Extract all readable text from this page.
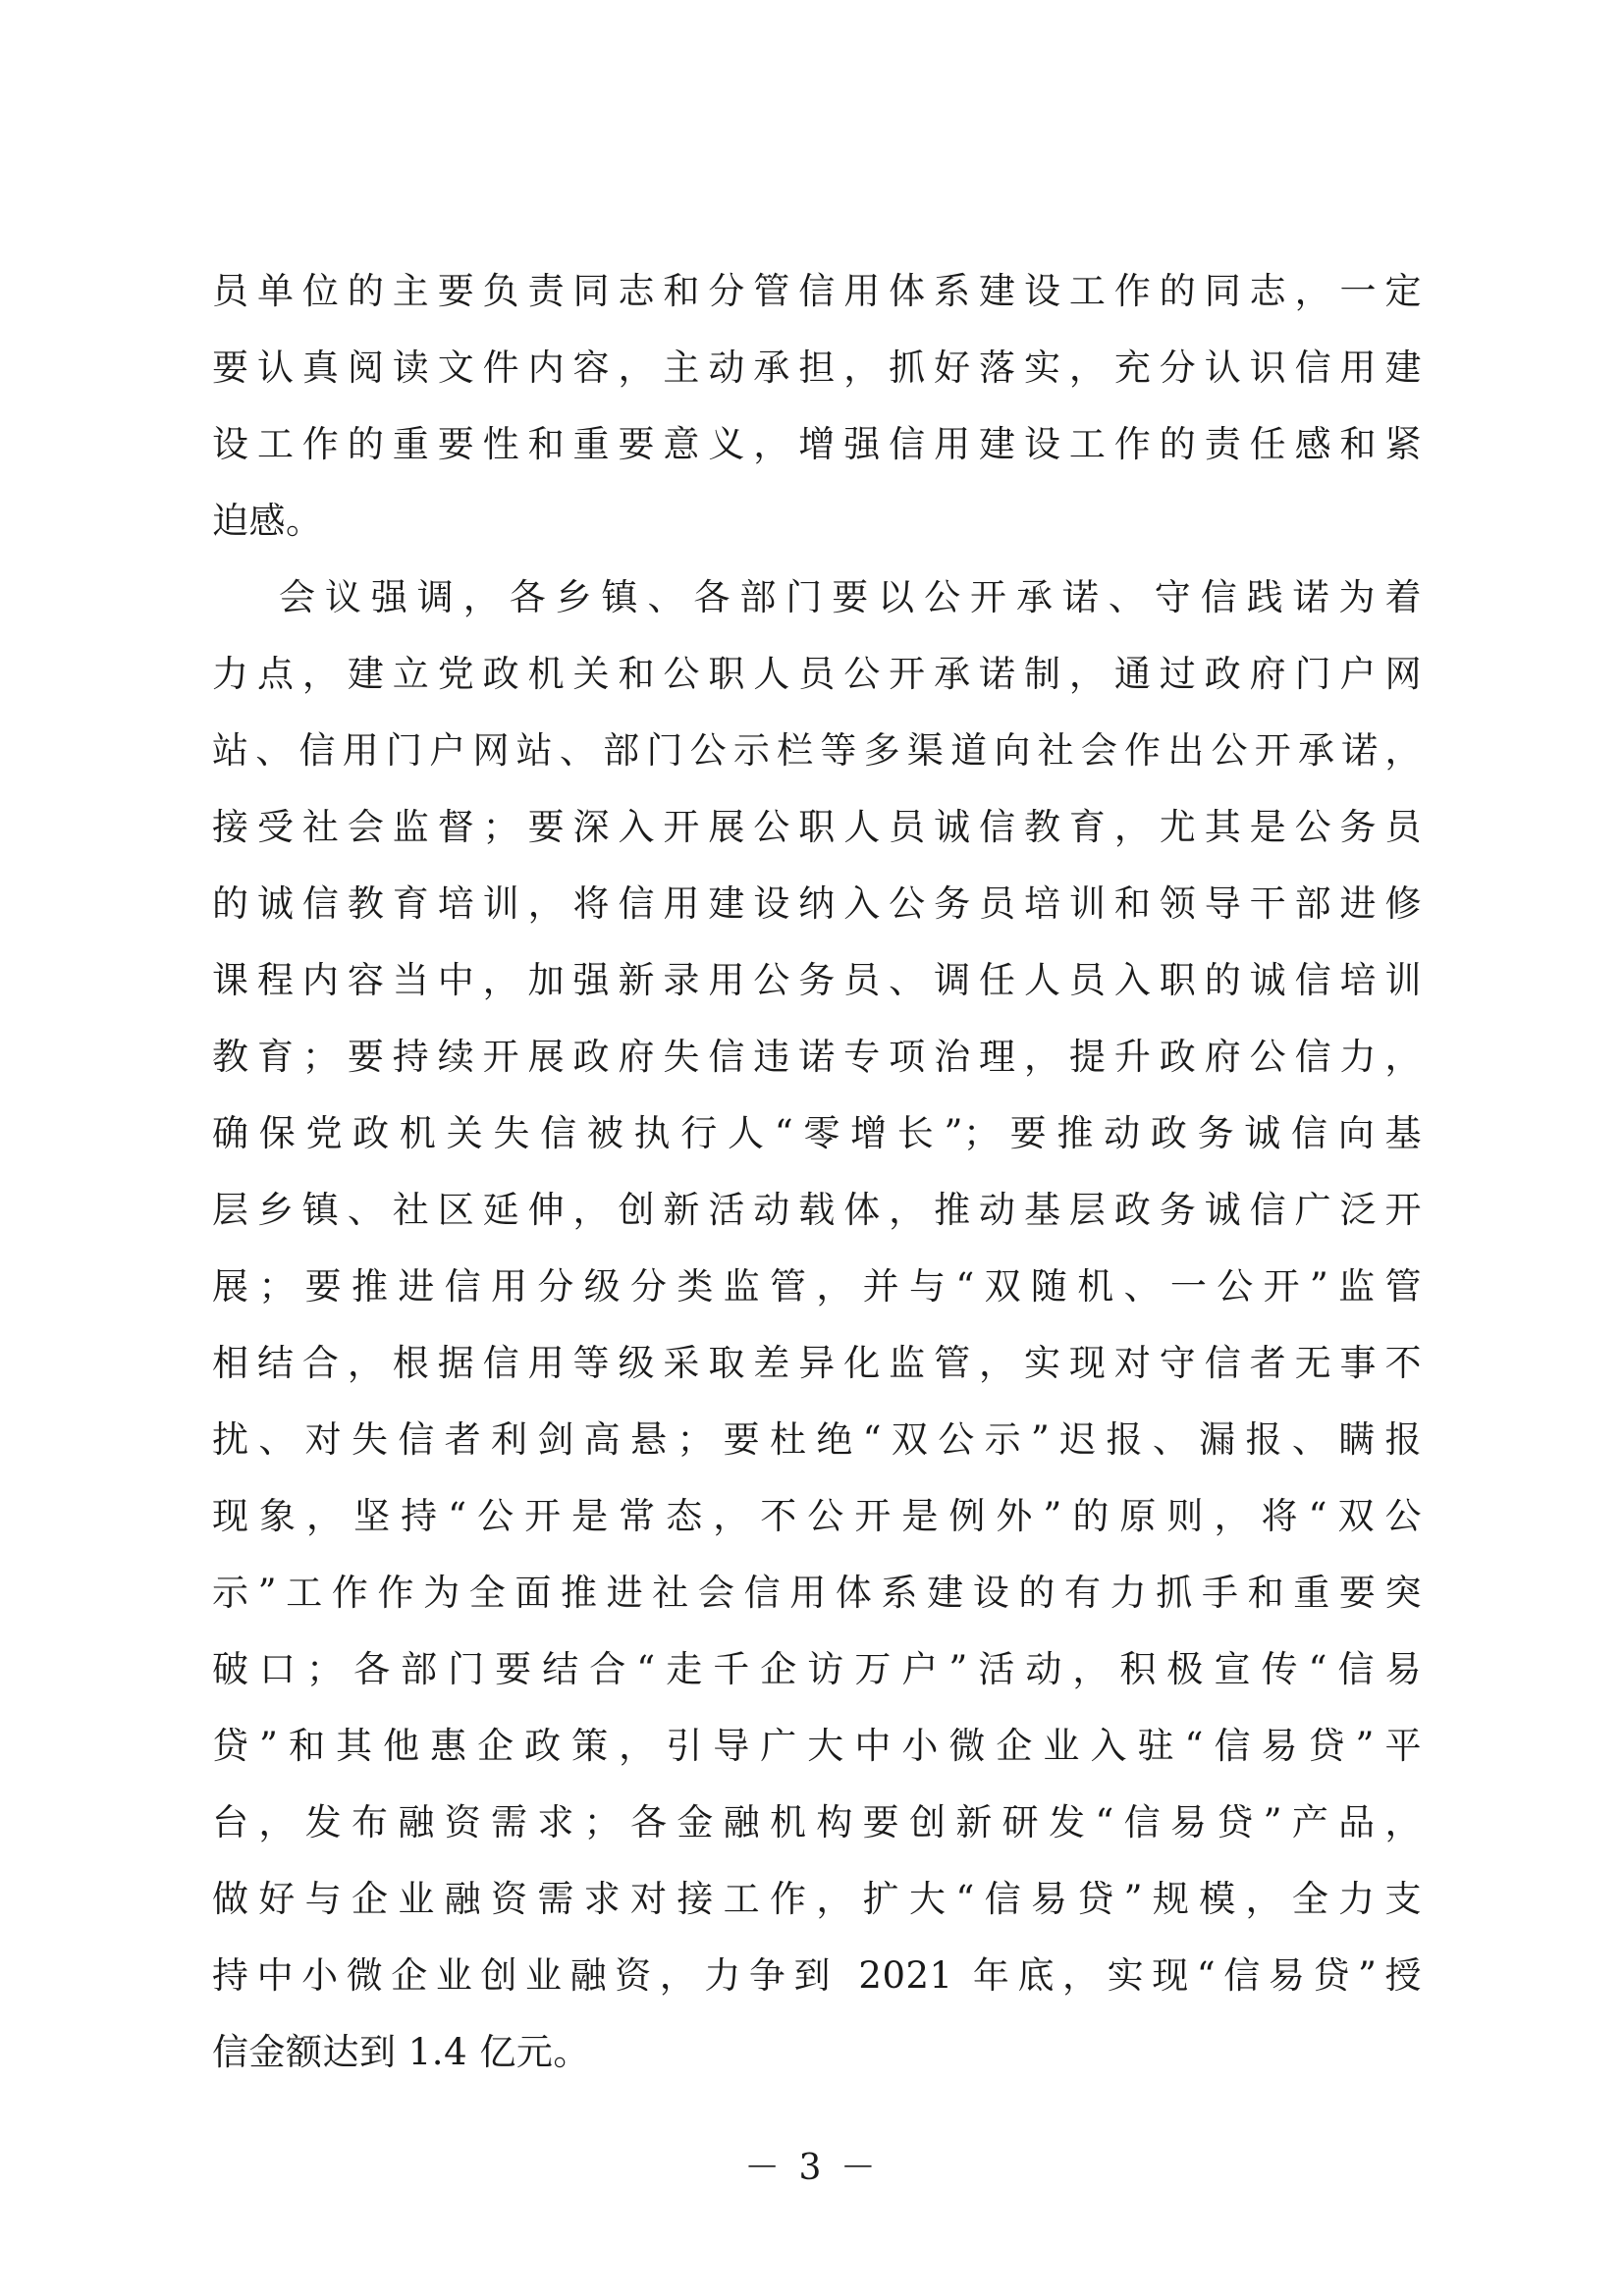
员单位的主要负责同志和分管信用体系建设工作的同志，一定
要认真阅读文件内容，主动承担，抓好落实，充分认识信用建
设工作的重要性和重要意义，增强信用建设工作的责任感和紧
迫感。
会议强调，各乡镇、各部门要以公开承诺、守信践诺为着
力点，建立党政机关和公职人员公开承诺制，通过政府门户网
站、信用门户网站、部门公示栏等多渠道向社会作出公开承诺，
接受社会监督；要深入开展公职人员诚信教育，尤其是公务员
的诚信教育培训，将信用建设纳入公务员培训和领导干部进修
课程内容当中，加强新录用公务员、调任人员入职的诚信培训
教育；要持续开展政府失信违诺专项治理，提升政府公信力，
确保党政机关失信被执行人“零增长”；要推动政务诚信向基
层乡镇、社区延伸，创新活动载体，推动基层政务诚信广泛开
展；要推进信用分级分类监管，并与“双随机、一公开”监管
相结合，根据信用等级采取差异化监管，实现对守信者无事不
扰、对失信者利剑高悬；要杜绝“双公示”迟报、漏报、瞒报
现象，坚持“公开是常态，不公开是例外”的原则，将“双公
示”工作作为全面推进社会信用体系建设的有力抓手和重要突
破口；各部门要结合“走千企访万户”活动，积极宣传“信易
贷”和其他惠企政策，引导广大中小微企业入驻“信易贷”平
台，发布融资需求；各金融机构要创新研发“信易贷”产品，
做好与企业融资需求对接工作，扩大“信易贷”规模，全力支
持中小微企业创业融资，力争到 2021 年底，实现“信易贷”授
信金额达到 1.4 亿元。
－ 3 －
